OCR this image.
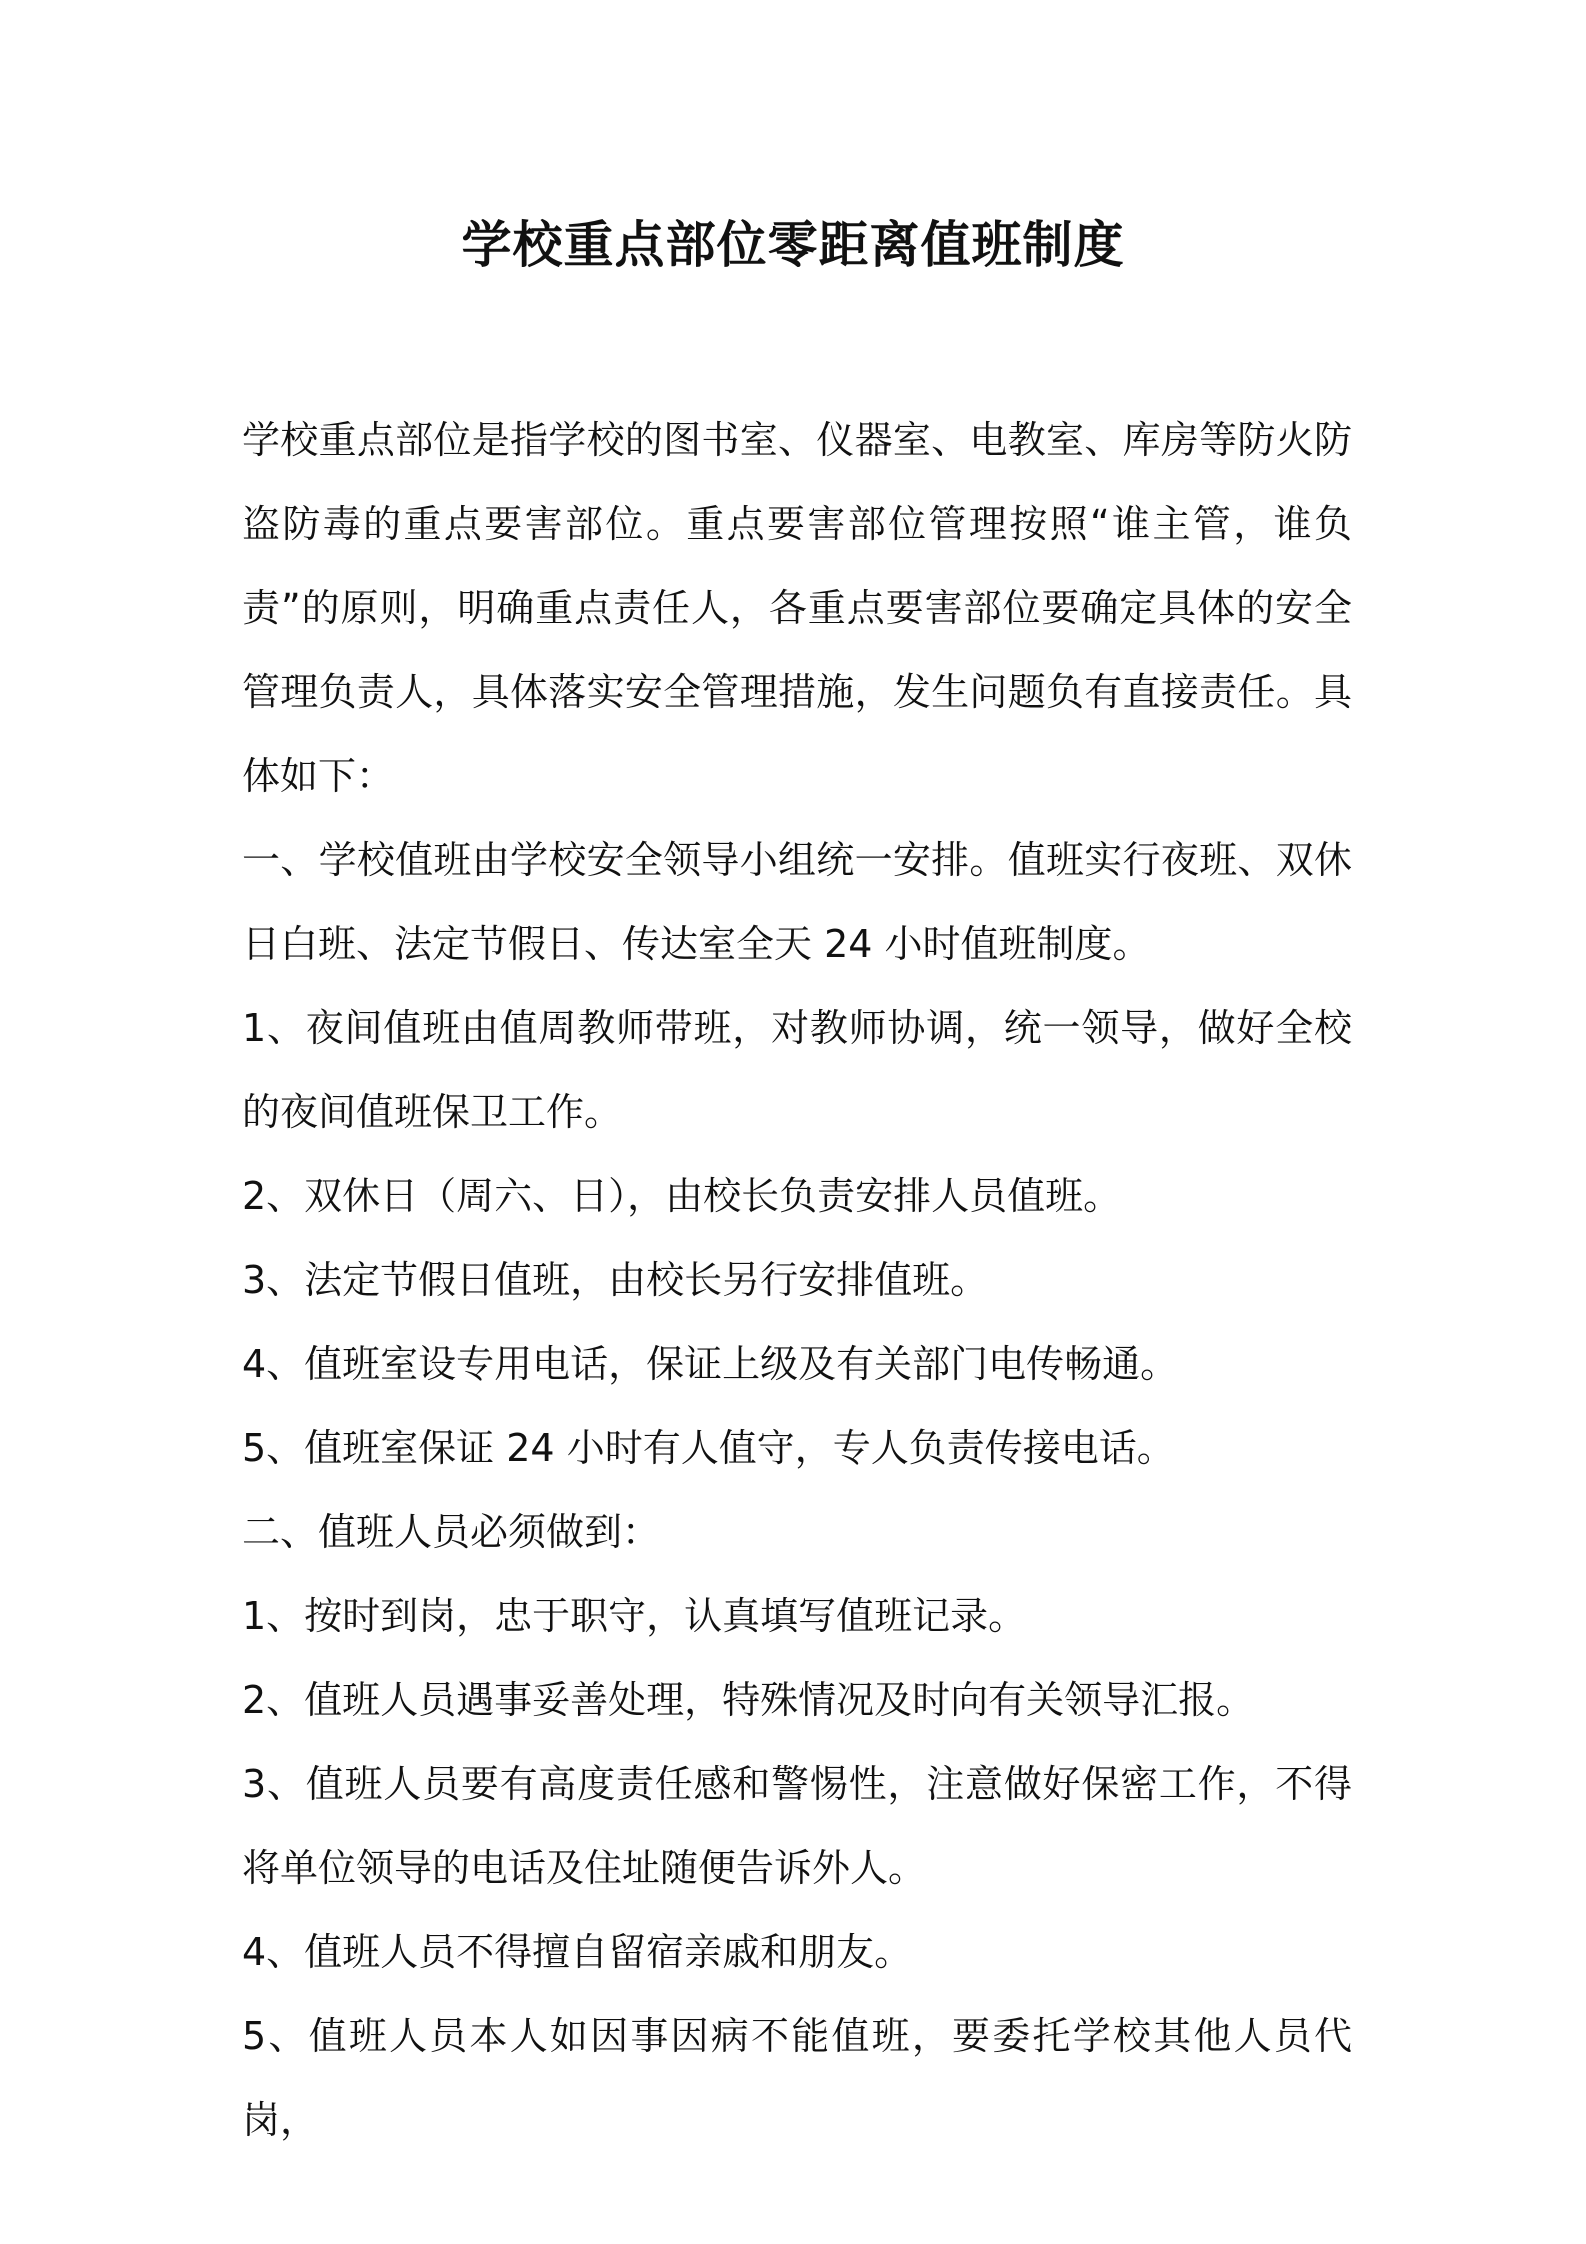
学校重点部位零距离值班制度

学校重点部位是指学校的图书室、仪器室、电教室、库房等防火防盗防毒的重点要害部位。重点要害部位管理按照“谁主管，谁负责”的原则，明确重点责任人，各重点要害部位要确定具体的安全管理负责人，具体落实安全管理措施，发生问题负有直接责任。具体如下：

一、学校值班由学校安全领导小组统一安排。值班实行夜班、双休日白班、法定节假日、传达室全天 24 小时值班制度。

1、夜间值班由值周教师带班，对教师协调，统一领导，做好全校的夜间值班保卫工作。

2、双休日（周六、日），由校长负责安排人员值班。

3、法定节假日值班，由校长另行安排值班。

4、值班室设专用电话，保证上级及有关部门电传畅通。

5、值班室保证 24 小时有人值守，专人负责传接电话。

二、值班人员必须做到：

1、按时到岗，忠于职守，认真填写值班记录。

2、值班人员遇事妥善处理，特殊情况及时向有关领导汇报。

3、值班人员要有高度责任感和警惕性，注意做好保密工作，不得将单位领导的电话及住址随便告诉外人。

4、值班人员不得擅自留宿亲戚和朋友。

5、值班人员本人如因事因病不能值班，要委托学校其他人员代岗，
